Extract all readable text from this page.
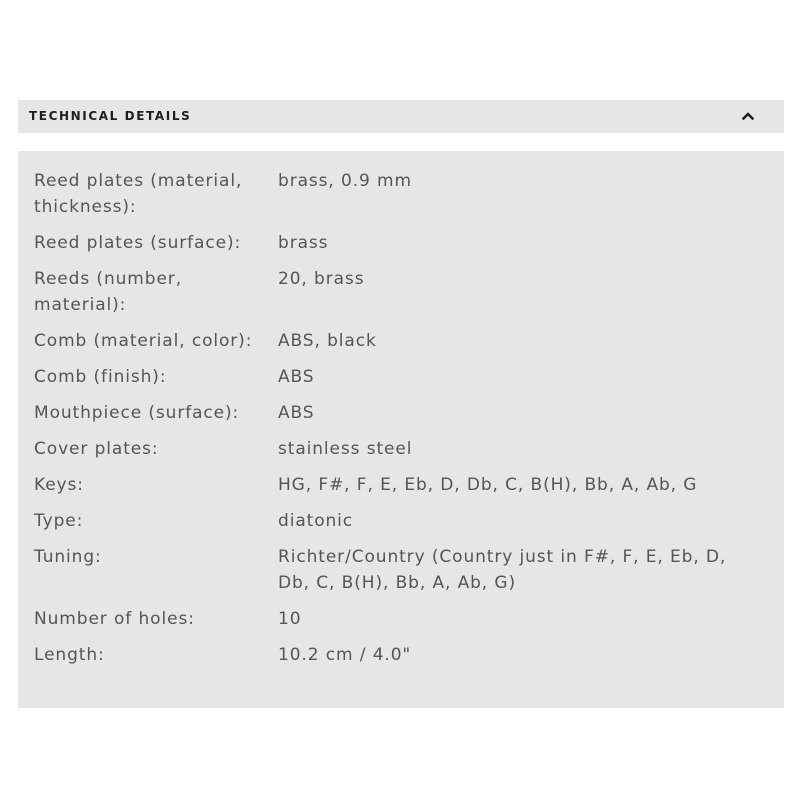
TECHNICAL DETAILS
Reed plates (material, thickness):	brass, 0.9 mm
Reed plates (surface):	brass
Reeds (number, material):	20, brass
Comb (material, color):	ABS, black
Comb (finish):	ABS
Mouthpiece (surface):	ABS
Cover plates:	stainless steel
Keys:	HG, F#, F, E, Eb, D, Db, C, B(H), Bb, A, Ab, G
Type:	diatonic
Tuning:	Richter/Country (Country just in F#, F, E, Eb, D, Db, C, B(H), Bb, A, Ab, G)
Number of holes:	10
Length:	10.2 cm / 4.0"
